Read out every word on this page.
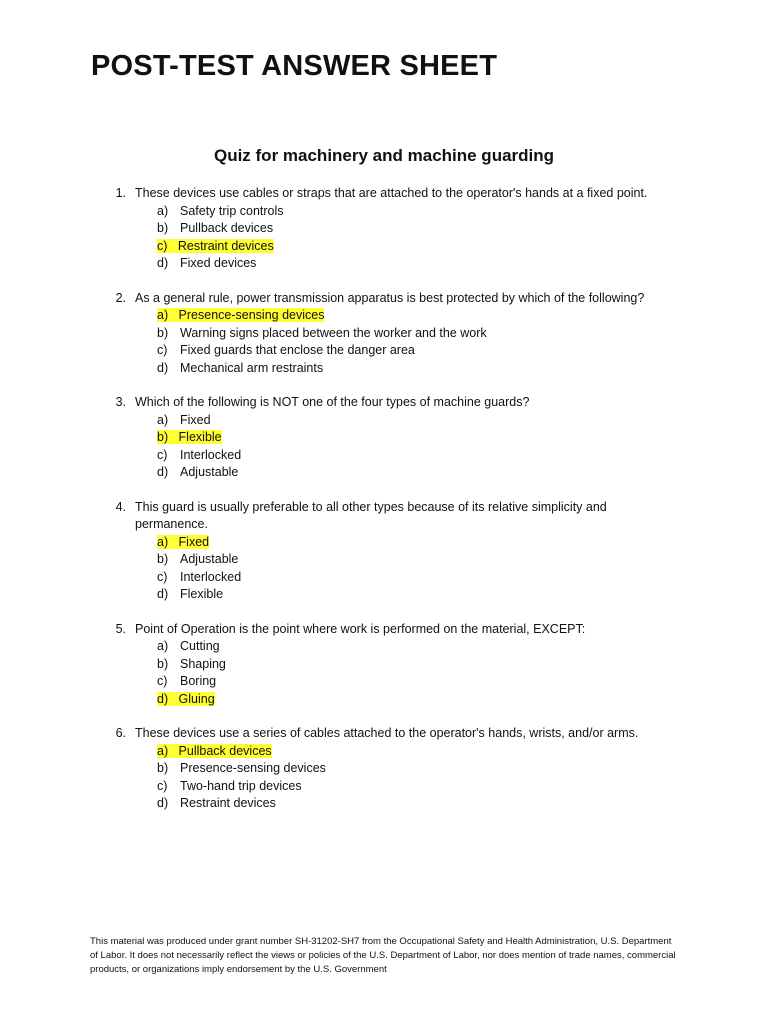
POST-TEST ANSWER SHEET
Quiz for machinery and machine guarding
1. These devices use cables or straps that are attached to the operator's hands at a fixed point.
a) Safety trip controls
b) Pullback devices
c) Restraint devices
d) Fixed devices
2. As a general rule, power transmission apparatus is best protected by which of the following?
a) Presence-sensing devices
b) Warning signs placed between the worker and the work
c) Fixed guards that enclose the danger area
d) Mechanical arm restraints
3. Which of the following is NOT one of the four types of machine guards?
a) Fixed
b) Flexible
c) Interlocked
d) Adjustable
4. This guard is usually preferable to all other types because of its relative simplicity and permanence.
a) Fixed
b) Adjustable
c) Interlocked
d) Flexible
5. Point of Operation is the point where work is performed on the material, EXCEPT:
a) Cutting
b) Shaping
c) Boring
d) Gluing
6. These devices use a series of cables attached to the operator's hands, wrists, and/or arms.
a) Pullback devices
b) Presence-sensing devices
c) Two-hand trip devices
d) Restraint devices
This material was produced under grant number SH-31202-SH7 from the Occupational Safety and Health Administration, U.S. Department of Labor. It does not necessarily reflect the views or policies of the U.S. Department of Labor, nor does mention of trade names, commercial products, or organizations imply endorsement by the U.S. Government
